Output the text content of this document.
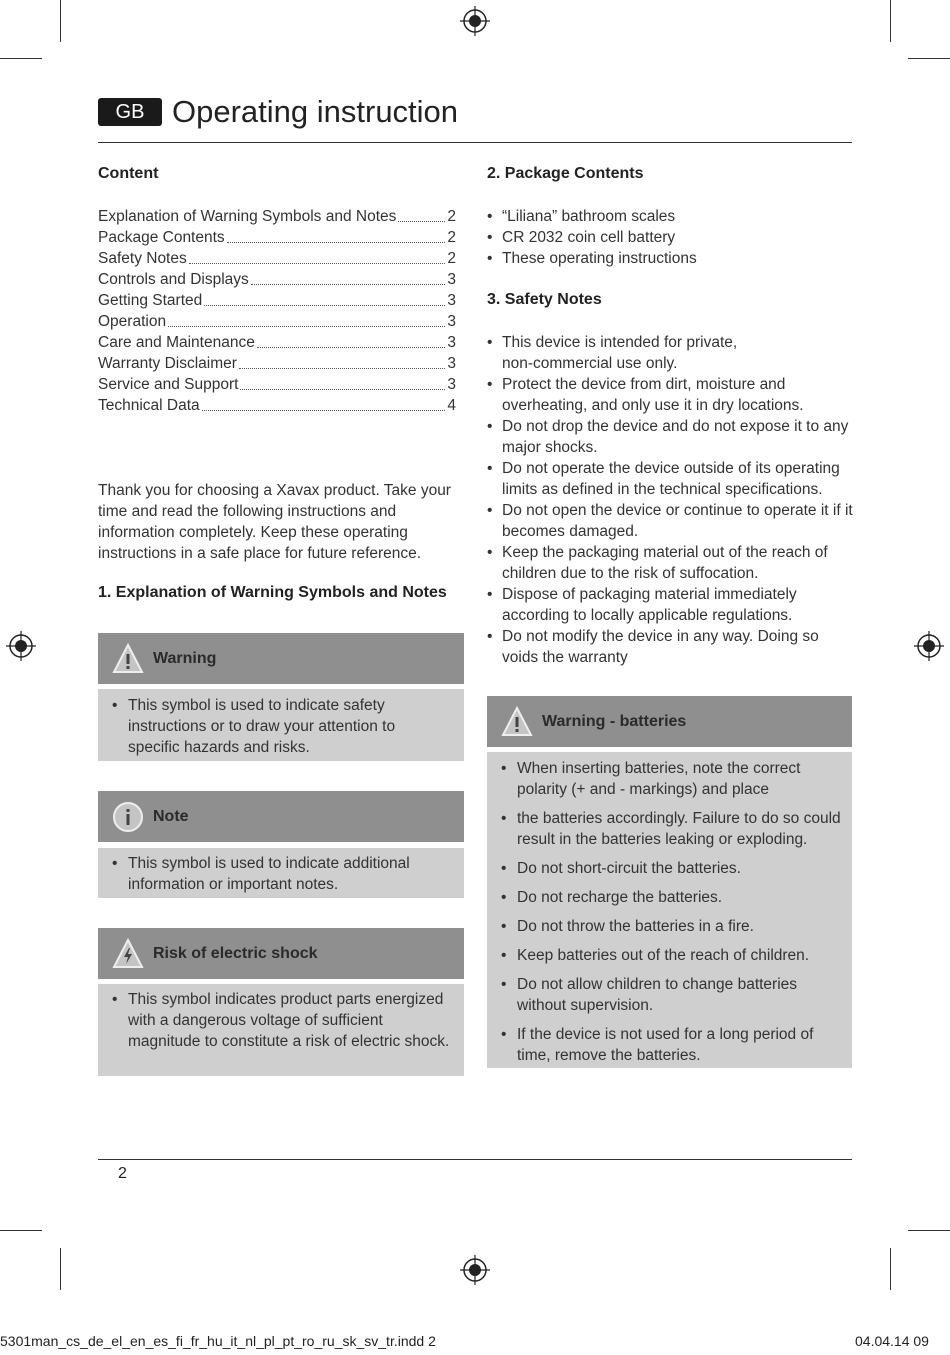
GB Operating instruction
Content
Explanation of Warning Symbols and Notes	2
Package Contents	2
Safety Notes	2
Controls and Displays	3
Getting Started	3
Operation	3
Care and Maintenance	3
Warranty Disclaimer	3
Service and Support	3
Technical Data	4

Thank you for choosing a Xavax product. Take your time and read the following instructions and information completely. Keep these operating instructions in a safe place for future reference.

1. Explanation of Warning Symbols and Notes
Warning
• This symbol is used to indicate safety instructions or to draw your attention to specific hazards and risks.
Note
• This symbol is used to indicate additional information or important notes.
Risk of electric shock
• This symbol indicates product parts energized with a dangerous voltage of sufficient magnitude to constitute a risk of electric shock.
2. Package Contents
• “Liliana” bathroom scales
• CR 2032 coin cell battery
• These operating instructions
3. Safety Notes
• This device is intended for private, non-commercial use only.
• Protect the device from dirt, moisture and overheating, and only use it in dry locations.
• Do not drop the device and do not expose it to any major shocks.
• Do not operate the device outside of its operating limits as defined in the technical specifications.
• Do not open the device or continue to operate it if it becomes damaged.
• Keep the packaging material out of the reach of children due to the risk of suffocation.
• Dispose of packaging material immediately according to locally applicable regulations.
• Do not modify the device in any way. Doing so voids the warranty
Warning - batteries
• When inserting batteries, note the correct polarity (+ and - markings) and place
• the batteries accordingly. Failure to do so could result in the batteries leaking or exploding.
• Do not short-circuit the batteries.
• Do not recharge the batteries.
• Do not throw the batteries in a fire.
• Keep batteries out of the reach of children.
• Do not allow children to change batteries without supervision.
• If the device is not used for a long period of time, remove the batteries.
2
5301man_cs_de_el_en_es_fi_fr_hu_it_nl_pl_pt_ro_ru_sk_sv_tr.indd 2	04.04.14 09
